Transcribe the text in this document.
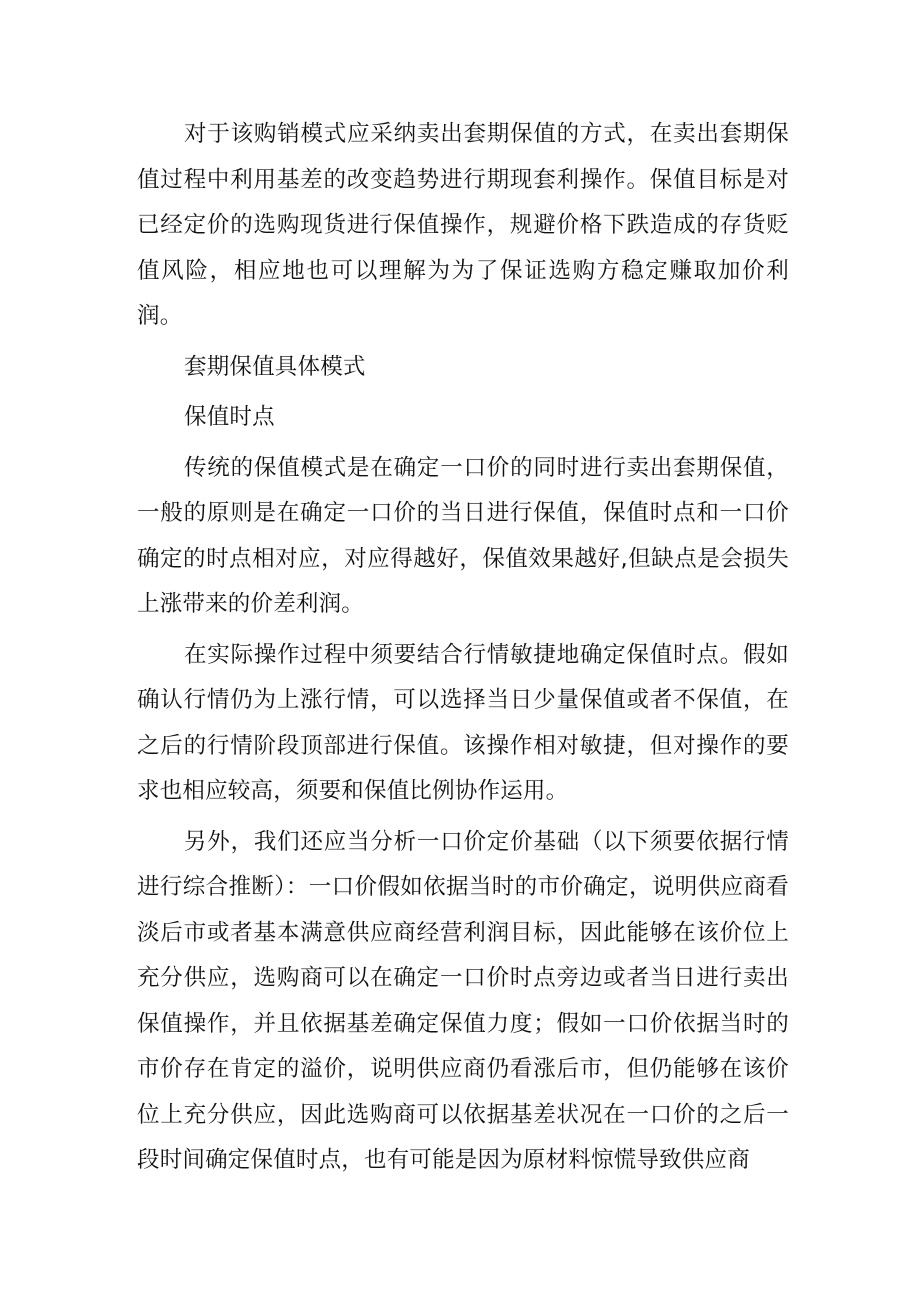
对于该购销模式应采纳卖出套期保值的方式，在卖出套期保值过程中利用基差的改变趋势进行期现套利操作。保值目标是对已经定价的选购现货进行保值操作，规避价格下跌造成的存货贬值风险，相应地也可以理解为为了保证选购方稳定赚取加价利润。

套期保值具体模式

保值时点

传统的保值模式是在确定一口价的同时进行卖出套期保值，一般的原则是在确定一口价的当日进行保值，保值时点和一口价确定的时点相对应，对应得越好，保值效果越好,但缺点是会损失上涨带来的价差利润。

在实际操作过程中须要结合行情敏捷地确定保值时点。假如确认行情仍为上涨行情，可以选择当日少量保值或者不保值，在之后的行情阶段顶部进行保值。该操作相对敏捷，但对操作的要求也相应较高，须要和保值比例协作运用。

另外，我们还应当分析一口价定价基础（以下须要依据行情进行综合推断）：一口价假如依据当时的市价确定，说明供应商看淡后市或者基本满意供应商经营利润目标，因此能够在该价位上充分供应，选购商可以在确定一口价时点旁边或者当日进行卖出保值操作，并且依据基差确定保值力度；假如一口价依据当时的市价存在肯定的溢价，说明供应商仍看涨后市，但仍能够在该价位上充分供应，因此选购商可以依据基差状况在一口价的之后一段时间确定保值时点，也有可能是因为原材料惊慌导致供应商
